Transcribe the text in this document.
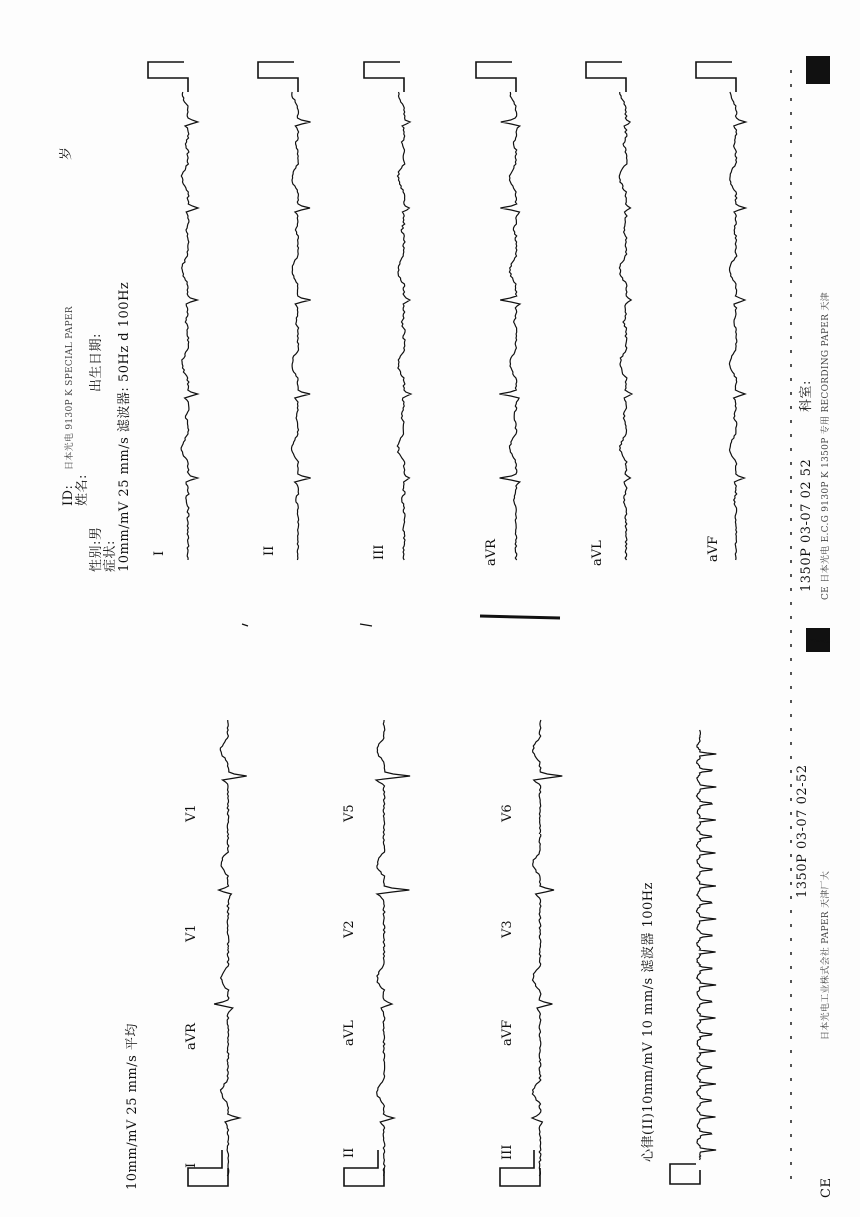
ID: 姓名:
日本光电 9130P K SPECIAL PAPER
性别:男 症状:
出生日期:
岁
10mm/mV 25 mm/s 滤波器: 50Hz d 100Hz I	II	III	aVR	aVL	aVF	1350P 03-07 02 52
科室: CE 日本光电 E.C.G 9130P K 1350P 专用 RECORDING PAPER 天津
10mm/mV 25 mm/s 平均	I
aVR
V1
V1
II
aVL
V2
V5
III
aVF
V3
V6
心律(II)10mm/mV 10 mm/s 滤波器 100Hz
1350P 03-07 02-52
日本光电工业株式会社 PAPER 天津厂大
CE
